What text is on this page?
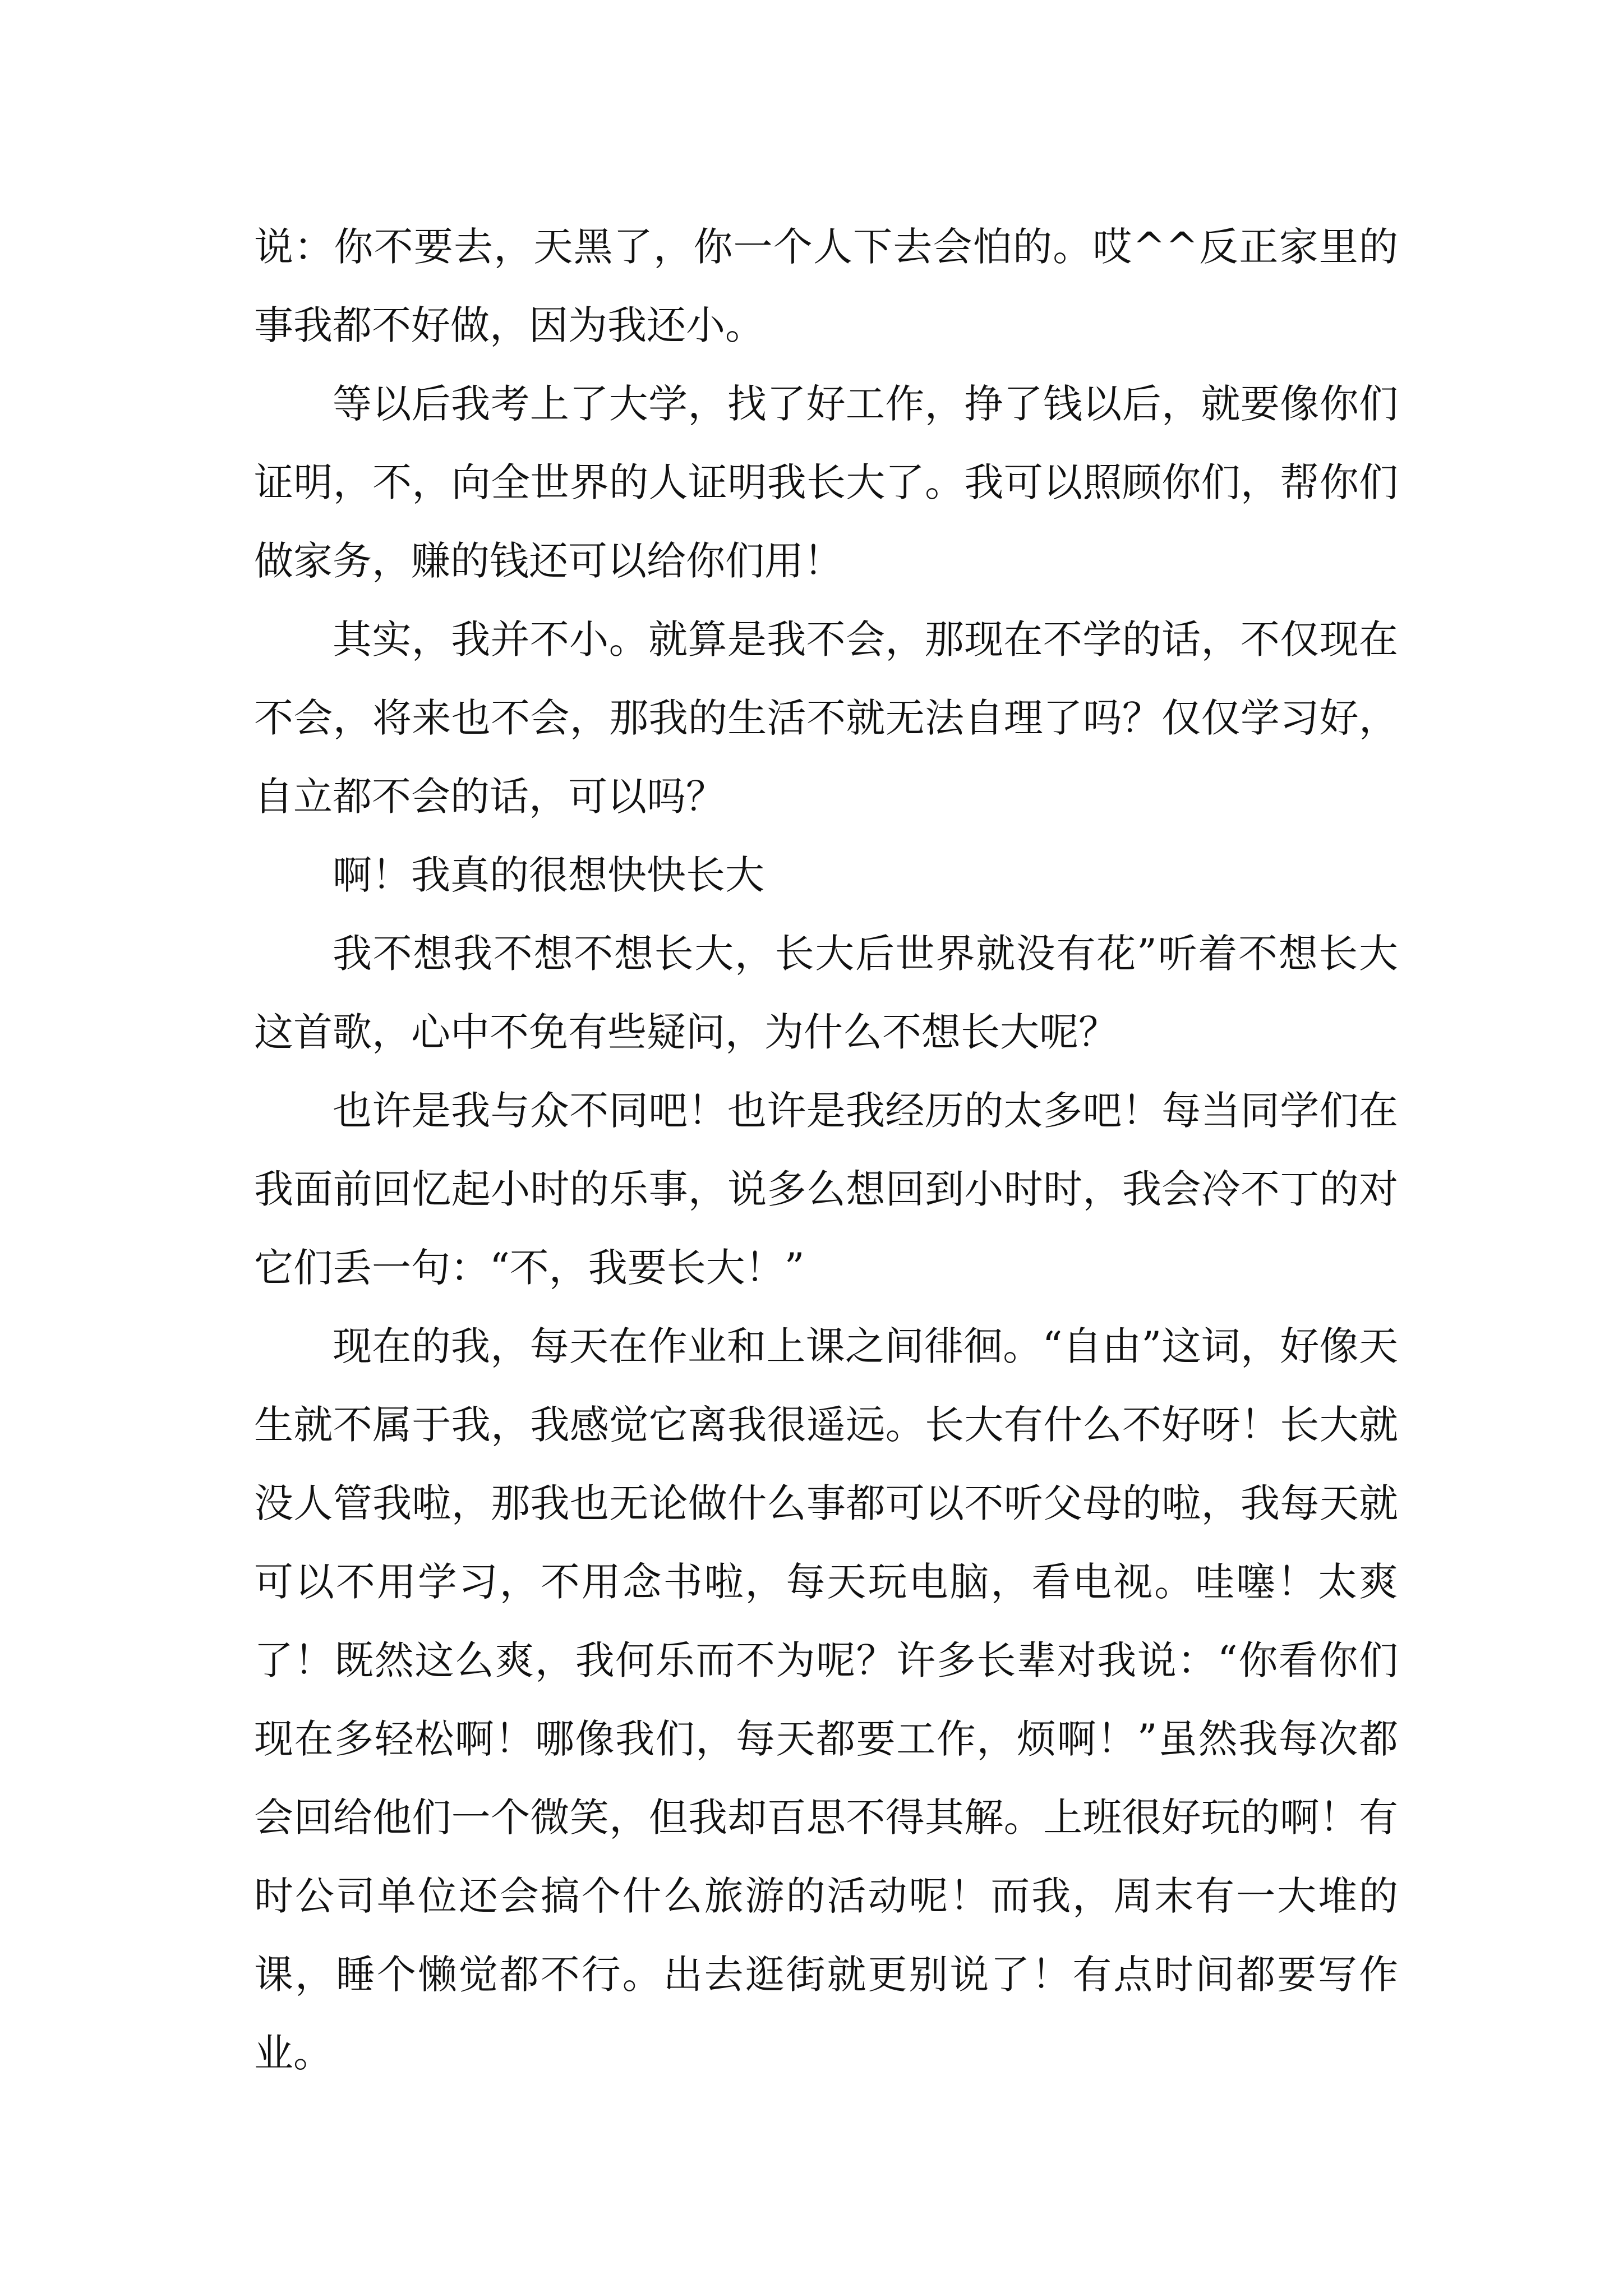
说：你不要去，天黑了，你一个人下去会怕的。哎^^反正家里的事我都不好做，因为我还小。

等以后我考上了大学，找了好工作，挣了钱以后，就要像你们证明，不，向全世界的人证明我长大了。我可以照顾你们，帮你们做家务，赚的钱还可以给你们用！

其实，我并不小。就算是我不会，那现在不学的话，不仅现在不会，将来也不会，那我的生活不就无法自理了吗？仅仅学习好，自立都不会的话，可以吗？

啊！我真的很想快快长大

我不想我不想不想长大，长大后世界就没有花”听着不想长大这首歌，心中不免有些疑问，为什么不想长大呢？

也许是我与众不同吧！也许是我经历的太多吧！每当同学们在我面前回忆起小时的乐事，说多么想回到小时时，我会冷不丁的对它们丢一句：“不，我要长大！”

现在的我，每天在作业和上课之间徘徊。“自由”这词，好像天生就不属于我，我感觉它离我很遥远。长大有什么不好呀！长大就没人管我啦，那我也无论做什么事都可以不听父母的啦，我每天就可以不用学习，不用念书啦，每天玩电脑，看电视。哇噻！太爽了！既然这么爽，我何乐而不为呢？许多长辈对我说：“你看你们现在多轻松啊！哪像我们，每天都要工作，烦啊！”虽然我每次都会回给他们一个微笑，但我却百思不得其解。上班很好玩的啊！有时公司单位还会搞个什么旅游的活动呢！而我，周末有一大堆的课，睡个懒觉都不行。出去逛街就更别说了！有点时间都要写作业。
